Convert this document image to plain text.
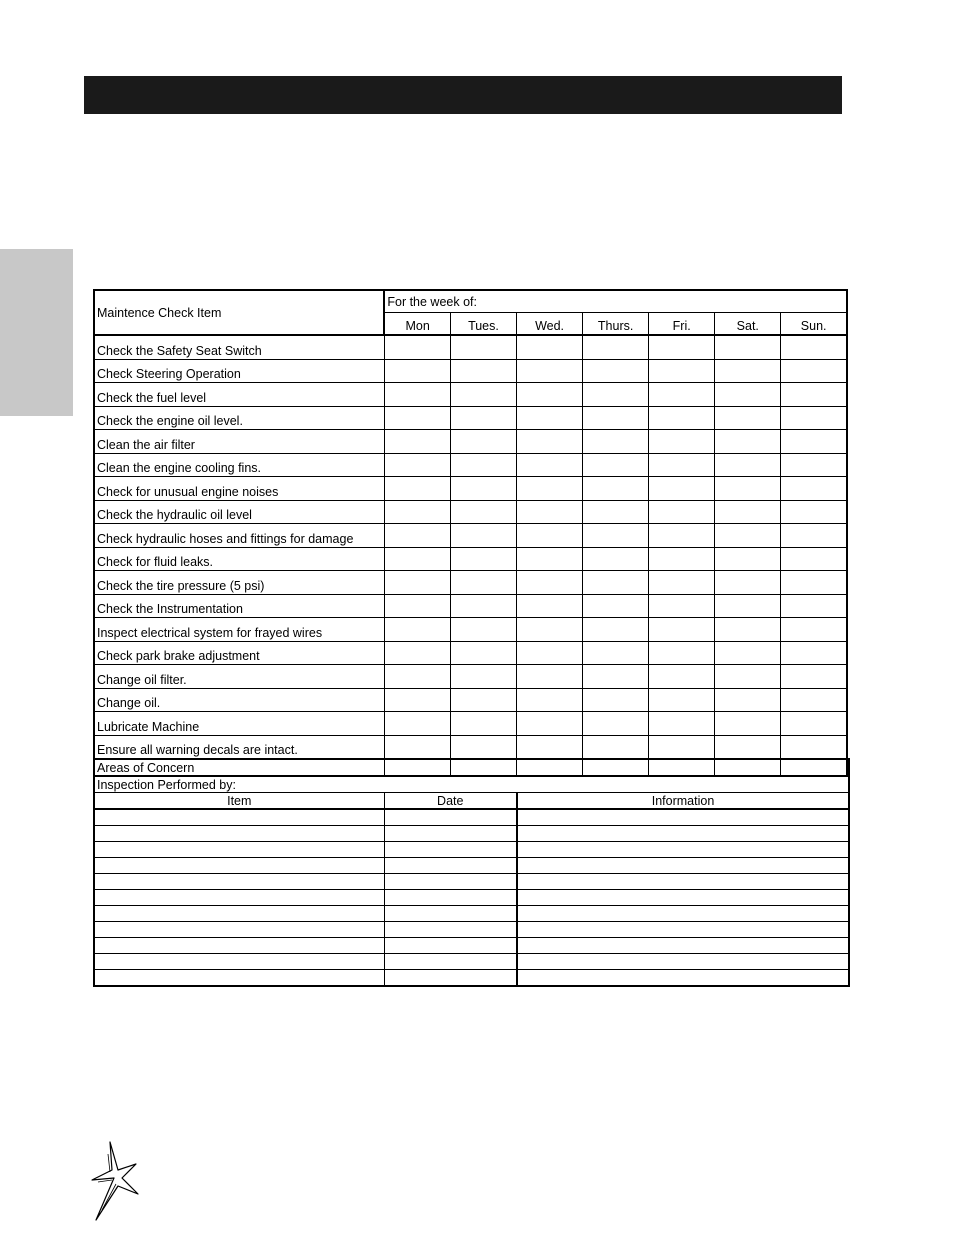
Maintence Check Item	For the week of:						
	Mon	Tues.	Wed.	Thurs.	Fri.	Sat.	Sun.
Check the Safety Seat Switch							
Check Steering Operation							
Check the fuel level							
Check the engine oil level.							
Clean the air filter							
Clean the engine cooling fins.							
Check for unusual engine noises							
Check the hydraulic oil level							
Check hydraulic hoses and fittings for damage							
Check for fluid leaks.							
Check the tire pressure (5 psi)							
Check the Instrumentation							
Inspect electrical system for frayed wires							
Check park brake adjustment							
Change oil filter.							
Change oil.							
Lubricate Machine							
Ensure all warning decals are intact.							

Areas of Concern		
Inspection Performed by:		
Item	Date	Information
